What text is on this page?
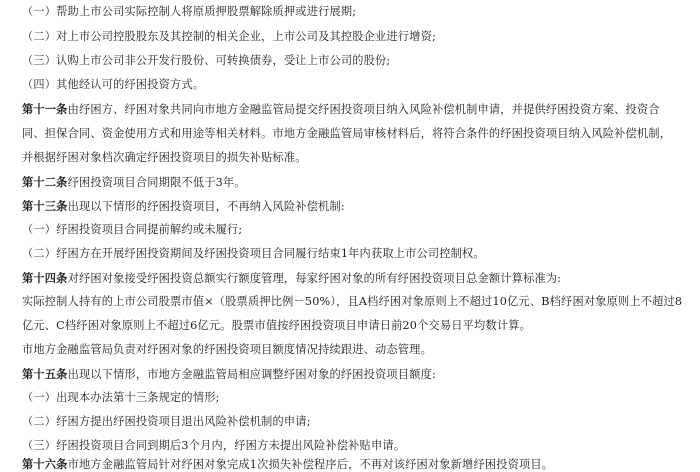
（一）帮助上市公司实际控制人将原质押股票解除质押或进行展期;
（二）对上市公司控股股东及其控制的相关企业，上市公司及其控股企业进行增资;
（三）认购上市公司非公开发行股份、可转换债券，受让上市公司的股份;
（四）其他经认可的纾困投资方式。
第十一条由纾困方、纾困对象共同向市地方金融监管局提交纾困投资项目纳入风险补偿机制申请，并提供纾困投资方案、投资合
同、担保合同、资金使用方式和用途等相关材料。市地方金融监管局审核材料后，将符合条件的纾困投资项目纳入风险补偿机制，
并根据纾困对象档次确定纾困投资项目的损失补贴标准。
第十二条纾困投资项目合同期限不低于3年。
第十三条出现以下情形的纾困投资项目，不再纳入风险补偿机制:
（一）纾困投资项目合同提前解约或未履行;
（二）纾困方在开展纾困投资期间及纾困投资项目合同履行结束1年内获取上市公司控制权。
第十四条对纾困对象接受纾困投资总额实行额度管理，每家纾困对象的所有纾困投资项目总金额计算标准为:
实际控制人持有的上市公司股票市值×（股票质押比例－50%），且A档纾困对象原则上不超过10亿元、B档纾困对象原则上不超过8
亿元、C档纾困对象原则上不超过6亿元。股票市值按纾困投资项目申请日前20个交易日平均数计算。
市地方金融监管局负责对纾困对象的纾困投资项目额度情况持续跟进、动态管理。
第十五条出现以下情形，市地方金融监管局相应调整纾困对象的纾困投资项目额度:
（一）出现本办法第十三条规定的情形;
（二）纾困方提出纾困投资项目退出风险补偿机制的申请;
（三）纾困投资项目合同到期后3个月内，纾困方未提出风险补偿补贴申请。
第十六条市地方金融监管局针对纾困对象完成1次损失补偿程序后，不再对该纾困对象新增纾困投资项目。
